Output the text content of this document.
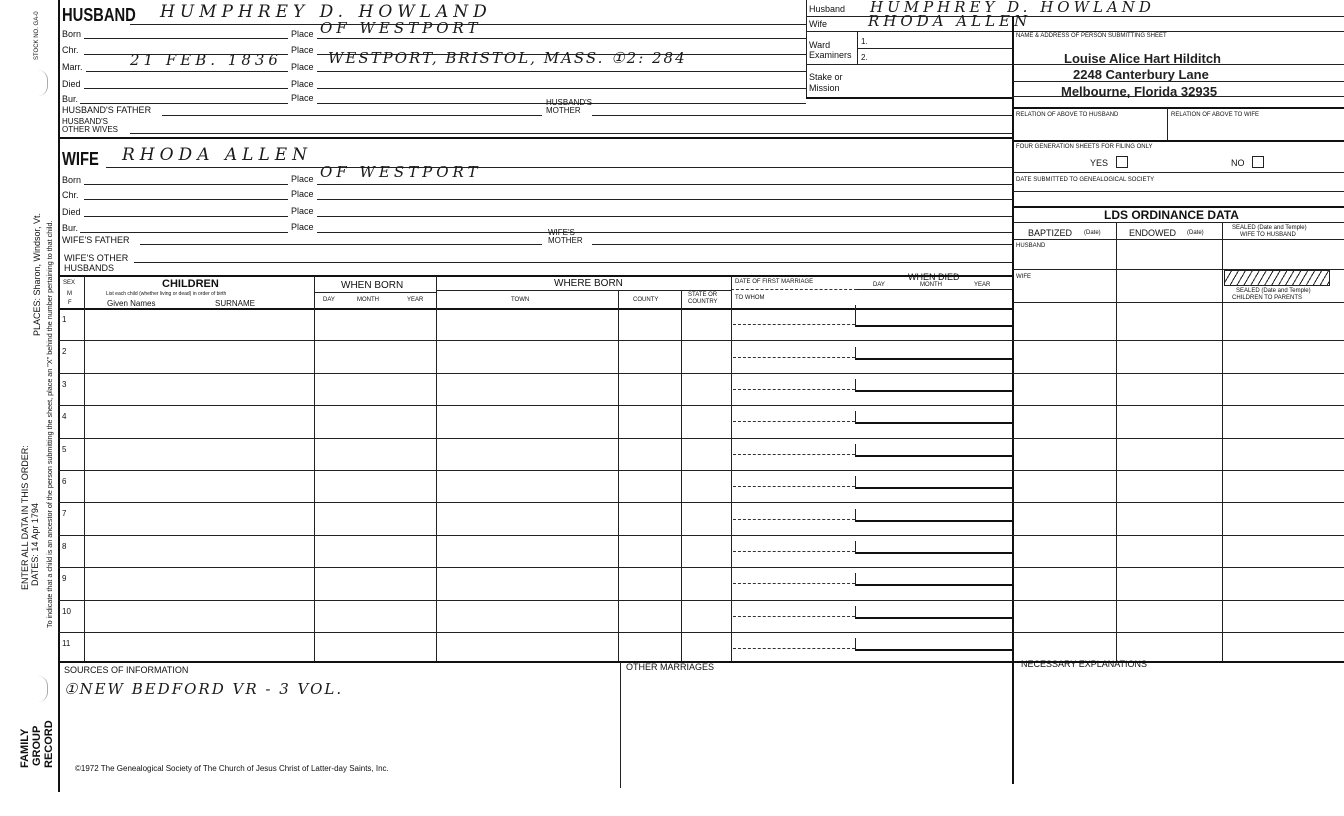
STOCK NO. GA-0
PLACES: Sharon, Windsor, Vt.
ENTER ALL DATA IN THIS ORDER: DATES: 14 Apr 1794 To indicate that a child is an ancestor of the person submitting the sheet, place an "X" behind the number pertaining to that child.
FAMILY GROUP RECORD
HUSBAND HUMPHREY D. HOWLAND
Born	Place OF WESTPORT
Chr.	Place
Marr.	21 FEB. 1836 Place WESTPORT, BRISTOL, MASS. ①2: 284
Died	Place
Bur.	Place
HUSBAND'S FATHER
HUSBAND'S
MOTHER
HUSBAND'S
OTHER WIVES
WIFE RHODA ALLEN
Born	Place OF WESTPORT
Chr.	Place
Died	Place
Bur.	Place
WIFE'S FATHER
WIFE'S
MOTHER
WIFE'S OTHER
HUSBANDS
Husband HUMPHREY D. HOWLAND
Wife	RHODA ALLEN
Ward	1.
Examiners 2.
Stake or
Mission
NAME & ADDRESS OF PERSON SUBMITTING SHEET
Louise Alice Hart Hilditch
2248 Canterbury Lane
Melbourne, Florida 32935
RELATION OF ABOVE TO HUSBAND	RELATION OF ABOVE TO WIFE
FOUR GENERATION SHEETS FOR FILING ONLY
YES	NO
DATE SUBMITTED TO GENEALOGICAL SOCIETY
LDS ORDINANCE DATA
BAPTIZED (Date)	ENDOWED (Date)
SEALED (Date and Temple)
WIFE TO HUSBAND
HUSBAND
WIFE
SEALED (Date and Temple)
CHILDREN TO PARENTS
SEX
M
F
CHILDREN
List each child (whether living or dead) in order of birth
Given Names	SURNAME
WHEN BORN
DAY	MONTH	YEAR
WHERE BORN
TOWN	COUNTY
STATE OR
COUNTRY
DATE OF FIRST MARRIAGE
TO WHOM
WHEN DIED
DAY	MONTH	YEAR
1
2
3
4
5
6
7
8
9
10
11
SOURCES OF INFORMATION
①NEW BEDFORD VR - 3 VOL.
OTHER MARRIAGES	NECESSARY EXPLANATIONS
©1972 The Genealogical Society of The Church of Jesus Christ of Latter-day Saints, Inc.
